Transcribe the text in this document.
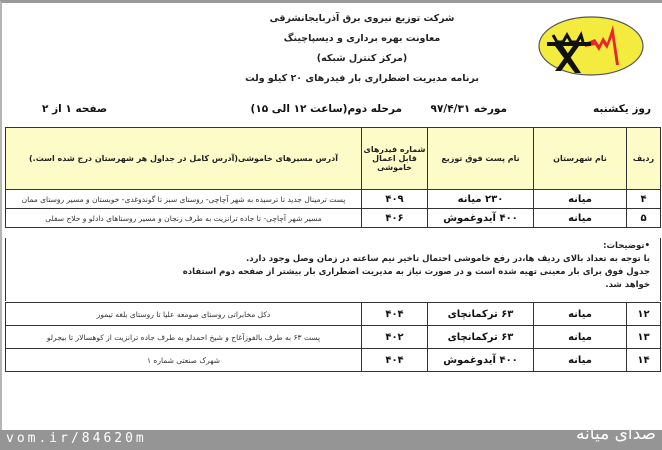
شرکت توزیع نیروی برق آذربایجانشرقی
معاونت بهره برداری و دیسپاچینگ
(مرکز کنترل شبکه)
برنامه مدیریت اضطراری بار فیدرهای ۲۰ کیلو ولت
روز یکشنبه
مورخه ۹۷/۴/۳۱
مرحله دوم(ساعت ۱۲ الی ۱۵)
صفحه ۱ از ۲
ردیف	نام شهرستان	نام پست فوق توزیع	شماره فیدرهای قابل اعمال خاموشی	آدرس مسیرهای خاموشی(آدرس کامل در جداول هر شهرستان درج شده است.)
۴	میانه	۲۳۰ میانه	۴۰۹	پست ترمینال جدید تا ترسیده به شهر آچاچی- روستای سبز تا گوندوغدی- خوبستان و مسیر روستای ممان
۵	میانه	۴۰۰ آیدوغموش	۴۰۶	مسیر شهر آچاچی- تا جاده ترانزیت به طرف زنجان و مسیر روستاهای دادلو و حلاج سفلی
• توضیحات:
با توجه به تعداد بالای ردیف ها،در رفع خاموشی احتمال تاخیر نیم ساعته در زمان وصل وجود دارد.
جدول فوق برای بار معینی تهیه شده است و در صورت نیاز به مدیریت اضطراری بار بیشتر از صفحه دوم استفاده
خواهد شد.
۱۲	میانه	۶۳ ترکمانچای	۴۰۴	دکل مخابراتی روستای صومعه علیا تا روستای بلغه تیمور
۱۳	میانه	۶۳ ترکمانچای	۴۰۲	پست ۶۳ به طرف بالفوزآغاج و شیخ احمدلو به طرف جاده ترانزیت از کوهسالار تا بیجرلو
۱۴	میانه	۴۰۰ آیدوغموش	۴۰۴	شهرک صنعتی شماره ۱
vom.ir/84620m	صدای میانه
